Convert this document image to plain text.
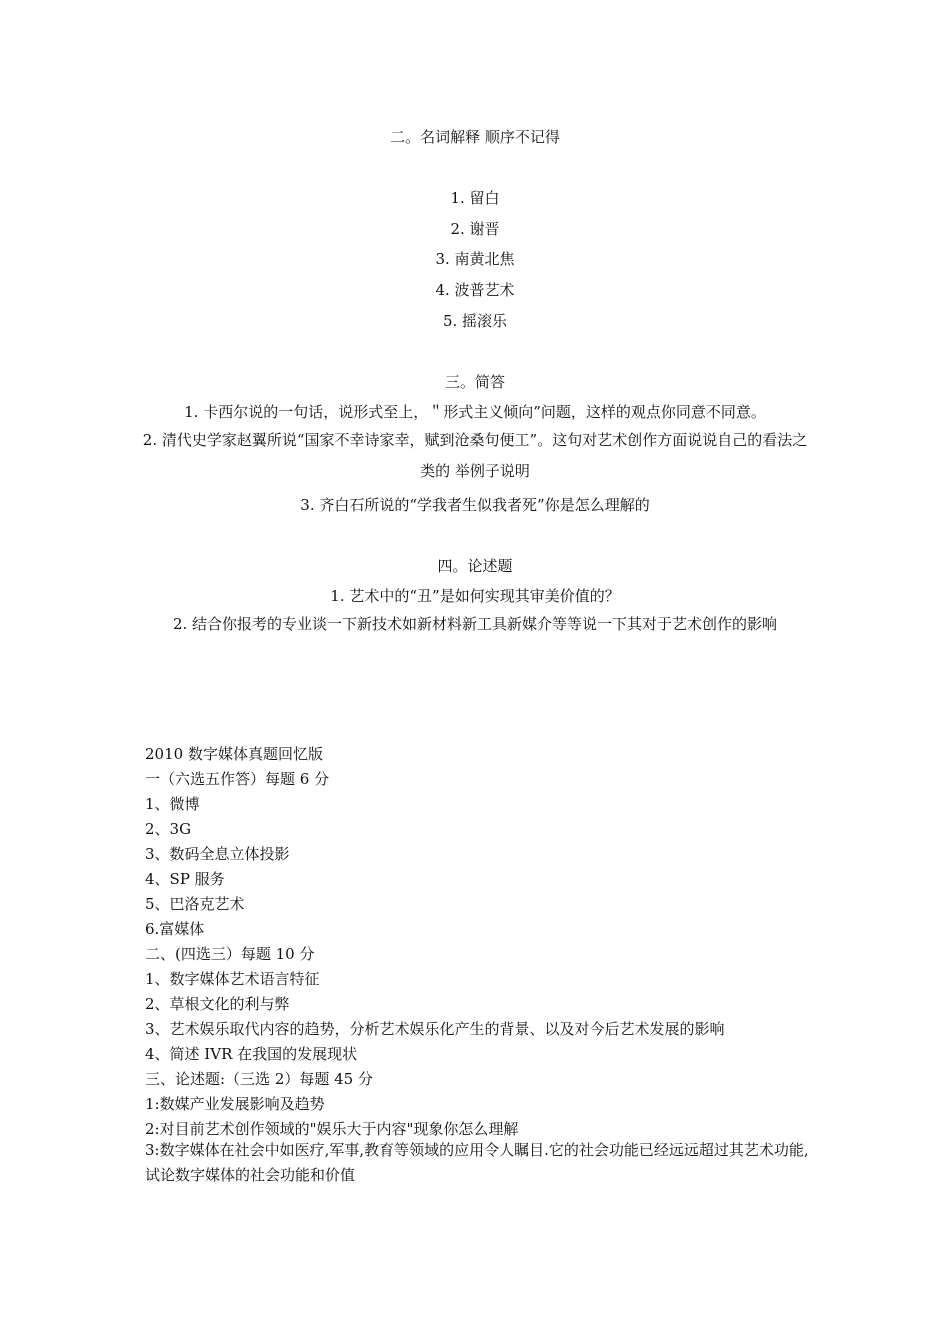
二。名词解释 顺序不记得
1. 留白
2. 谢晋
3. 南黄北焦
4. 波普艺术
5. 摇滚乐
三。简答
1. 卡西尔说的一句话，说形式至上，＂形式主义倾向”问题，这样的观点你同意不同意。
2. 清代史学家赵翼所说“国家不幸诗家幸，赋到沧桑句便工”。这句对艺术创作方面说说自己的看法之类的 举例子说明
3. 齐白石所说的“学我者生似我者死”你是怎么理解的
四。论述题
1. 艺术中的“丑”是如何实现其审美价值的？
2. 结合你报考的专业谈一下新技术如新材料新工具新媒介等等说一下其对于艺术创作的影响
2010 数字媒体真题回忆版
一（六选五作答）每题 6 分
1、微博
2、3G
3、数码全息立体投影
4、SP 服务
5、巴洛克艺术
6.富媒体
二、(四选三）每题 10 分
1、数字媒体艺术语言特征
2、草根文化的利与弊
3、艺术娱乐取代内容的趋势，分析艺术娱乐化产生的背景、以及对今后艺术发展的影响
4、简述 IVR 在我国的发展现状
三、论述题:（三选 2）每题 45 分
1:数媒产业发展影响及趋势
2:对目前艺术创作领域的"娱乐大于内容"现象你怎么理解
3:数字媒体在社会中如医疗,军事,教育等领域的应用令人瞩目.它的社会功能已经远远超过其艺术功能,试论数字媒体的社会功能和价值
